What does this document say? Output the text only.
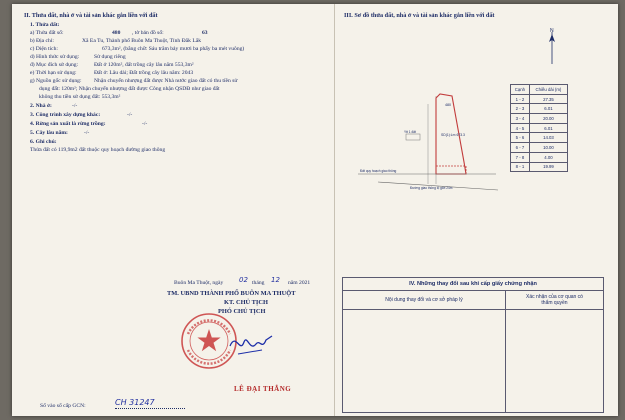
II. Thửa đất, nhà ở và tài sản khác gắn liền với đất
1. Thửa đất:
a) Thửa đất số:	480 , tờ bản đồ số:	63
b) Địa chỉ:	Xã Ea Tu, Thành phố Buôn Ma Thuột, Tỉnh Đắk Lắk
c) Diện tích:	673,3m², (bằng chữ: Sáu trăm bảy mươi ba phẩy ba mét vuông)
d) Hình thức sử dụng:	Sử dụng riêng
đ) Mục đích sử dụng:	Đất ở 120m², đất trồng cây lâu năm 553,3m²
e) Thời hạn sử dụng:	Đất ở: Lâu dài; Đất trồng cây lâu năm: 2043
g) Nguồn gốc sử dụng: Nhận chuyển nhượng đất được Nhà nước giao đất có thu tiền sử
dụng đất: 120m²; Nhận chuyển nhượng đất được Công nhận QSDĐ như giao đất
không thu tiền sử dụng đất: 553,3m²
2. Nhà ở:	-/-
3. Công trình xây dựng khác:	-/-
4. Rừng sản xuất là rừng trồng:	-/-
5. Cây lâu năm:	-/-
6. Ghi chú:
Thửa đất có 119,9m2 đất thuộc quy hoạch đường giao thông
Buôn Ma Thuột, ngày 02 tháng 12 năm 2021
TM. UBND THÀNH PHỐ BUÔN MA THUỘT
KT. CHỦ TỊCH
PHÓ CHỦ TỊCH
LÊ ĐẠI THẮNG
Số vào sổ cấp GCN:	CH 31247
III. Sơ đồ thửa đất, nhà ở và tài sản khác gắn liền với đất
N
SD(1):Lm 673.3
480
Ytt 1 đất
Đất quy hoạch giao thông
Đường giao thông lộ giới 24m
Cạnh	Chiều dài (m)
1 - 2	27.35
2 - 3	6.01
3 - 4	20.00
4 - 5	6.01
5 - 6	14.03
6 - 7	10.00
7 - 8	4.00
8 - 1	19.99
IV. Những thay đổi sau khi cấp giấy chứng nhận	
Nội dung thay đổi và cơ sở pháp lý	Xác nhận của cơ quan có thẩm quyền
